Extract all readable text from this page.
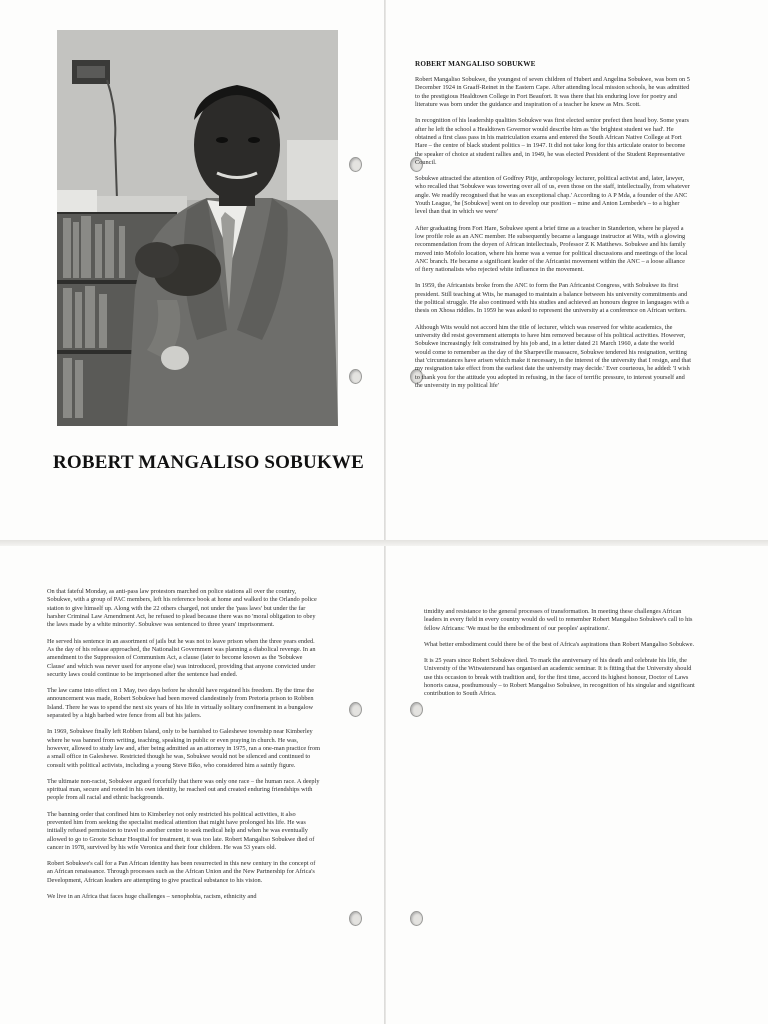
ROBERT MANGALISO SOBUKWE
ROBERT MANGALISO SOBUKWE

Robert Mangaliso Sobukwe, the youngest of seven children of Hubert and Angelina Sobukwe, was born on 5 December 1924 in Graaff-Reinet in the Eastern Cape. After attending local mission schools, he was admitted to the prestigious Healdtown College in Fort Beaufort. It was there that his enduring love for poetry and literature was born under the guidance and inspiration of a teacher he knew as Mrs. Scott.

In recognition of his leadership qualities Sobukwe was first elected senior prefect then head boy. Some years after he left the school a Healdtown Governor would describe him as 'the brightest student we had'. He obtained a first class pass in his matriculation exams and entered the South African Native College at Fort Hare – the centre of black student politics – in 1947. It did not take long for this articulate orator to become the speaker of choice at student rallies and, in 1949, he was elected President of the Student Representative Council.

Sobukwe attracted the attention of Godfrey Pitje, anthropology lecturer, political activist and, later, lawyer, who recalled that 'Sobukwe was towering over all of us, even those on the staff, intellectually, from whatever angle. We readily recognised that he was an exceptional chap.' According to A P Mda, a founder of the ANC Youth League, 'he [Sobukwe] went on to develop our position – mine and Anton Lembede's – to a higher level than that in which we were'

After graduating from Fort Hare, Sobukwe spent a brief time as a teacher in Standerton, where he played a low profile role as an ANC member. He subsequently became a language instructor at Wits, with a glowing recommendation from the doyen of African intellectuals, Professor Z K Matthews. Sobukwe and his family moved into Mofolo location, where his home was a venue for political discussions and meetings of the local ANC branch. He became a significant leader of the Africanist movement within the ANC – a loose alliance of fiery nationalists who rejected white influence in the movement.

In 1959, the Africanists broke from the ANC to form the Pan Africanist Congress, with Sobukwe its first president. Still teaching at Wits, he managed to maintain a balance between his university commitments and the political struggle. He also continued with his studies and achieved an honours degree in languages with a thesis on Xhosa riddles. In 1959 he was asked to represent the university at a conference on African writers.

Although Wits would not accord him the title of lecturer, which was reserved for white academics, the university did resist government attempts to have him removed because of his political activities. However, Sobukwe increasingly felt constrained by his job and, in a letter dated 21 March 1960, a date the world would come to remember as the day of the Sharpeville massacre, Sobukwe tendered his resignation, writing that 'circumstances have arisen which make it necessary, in the interest of the university that I resign, and that my resignation take effect from the earliest date the university may decide.' Ever courteous, he added: 'I wish to thank you for the attitude you adopted in refusing, in the face of terrific pressure, to interest yourself and the university in my political life'

On that fateful Monday, as anti-pass law protestors marched on police stations all over the country, Sobukwe, with a group of PAC members, left his reference book at home and walked to the Orlando police station to give himself up. Along with the 22 others charged, not under the 'pass laws' but under the far harsher Criminal Law Amendment Act, he refused to plead because there was no 'moral obligation to obey the laws made by a white minority'. Sobukwe was sentenced to three years' imprisonment.

He served his sentence in an assortment of jails but he was not to leave prison when the three years ended. As the day of his release approached, the Nationalist Government was planning a diabolical revenge. In an amendment to the Suppression of Communism Act, a clause (later to become known as the 'Sobukwe Clause' and which was never used for anyone else) was introduced, providing that anyone convicted under security laws could continue to be imprisoned after the sentence had ended.

The law came into effect on 1 May, two days before he should have regained his freedom. By the time the announcement was made, Robert Sobukwe had been moved clandestinely from Pretoria prison to Robben Island. There he was to spend the next six years of his life in virtually solitary confinement in a bungalow separated by a high barbed wire fence from all but his jailers.

In 1969, Sobukwe finally left Robben Island, only to be banished to Galeshewe township near Kimberley where he was banned from writing, teaching, speaking in public or even praying in church. He was, however, allowed to study law and, after being admitted as an attorney in 1975, ran a one-man practice from a small office in Galeshewe. Restricted though he was, Sobukwe would not be silenced and continued to consult with political activists, including a young Steve Biko, who considered him a saintly figure.

The ultimate non-racist, Sobukwe argued forcefully that there was only one race – the human race. A deeply spiritual man, secure and rooted in his own identity, he reached out and created enduring friendships with people from all racial and ethnic backgrounds.

The banning order that confined him to Kimberley not only restricted his political activities, it also prevented him from seeking the specialist medical attention that might have prolonged his life. He was initially refused permission to travel to another centre to seek medical help and when he was eventually allowed to go to Groote Schuur Hospital for treatment, it was too late. Robert Mangaliso Sobukwe died of cancer in 1978, survived by his wife Veronica and their four children. He was 53 years old.

Robert Sobukwe's call for a Pan African identity has been resurrected in this new century in the concept of an African renaissance. Through processes such as the African Union and the New Partnership for Africa's Development, African leaders are attempting to give practical substance to his vision.

We live in an Africa that faces huge challenges – xenophobia, racism, ethnicity and

timidity and resistance to the general processes of transformation. In meeting these challenges African leaders in every field in every country would do well to remember Robert Mangaliso Sobukwe's call to his fellow Africans: 'We must be the embodiment of our peoples' aspirations'.

What better embodiment could there be of the best of Africa's aspirations than Robert Mangaliso Sobukwe.

It is 25 years since Robert Sobukwe died. To mark the anniversary of his death and celebrate his life, the University of the Witwatersrand has organised an academic seminar. It is fitting that the University should use this occasion to break with tradition and, for the first time, accord its highest honour, Doctor of Laws honoris causa, posthumously – to Robert Mangaliso Sobukwe, in recognition of his singular and significant contribution to South Africa.
